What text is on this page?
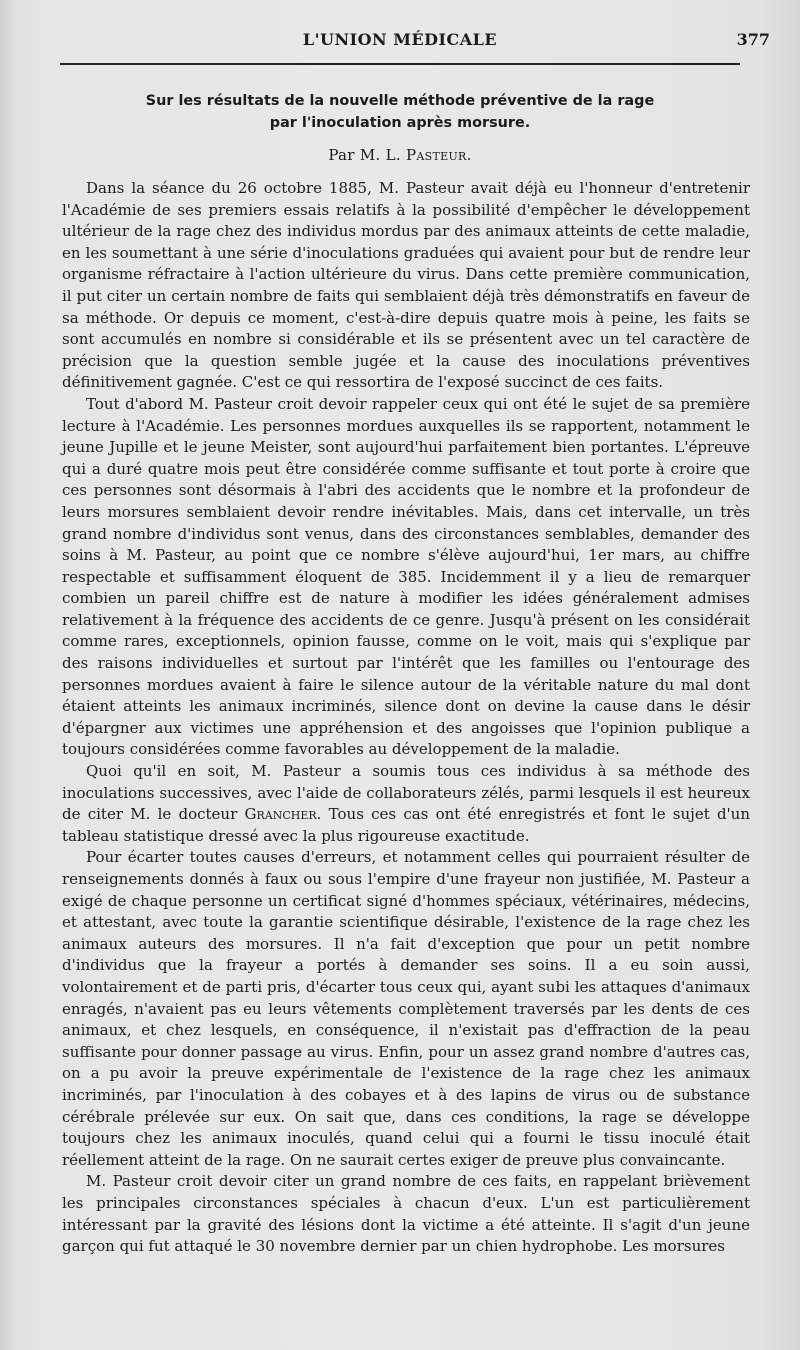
L'UNION MÉDICALE	377
Sur les résultats de la nouvelle méthode préventive de la rage
par l'inoculation après morsure.
Par M. L. Pasteur.

Dans la séance du 26 octobre 1885, M. Pasteur avait déjà eu l'honneur d'entretenir l'Académie de ses premiers essais relatifs à la possibilité d'empêcher le développement ultérieur de la rage chez des individus mordus par des animaux atteints de cette maladie, en les soumettant à une série d'inoculations graduées qui avaient pour but de rendre leur organisme réfractaire à l'action ultérieure du virus. Dans cette première communication, il put citer un certain nombre de faits qui semblaient déjà très démonstratifs en faveur de sa méthode. Or depuis ce moment, c'est-à-dire depuis quatre mois à peine, les faits se sont accumulés en nombre si considérable et ils se présentent avec un tel caractère de précision que la question semble jugée et la cause des inoculations préventives définitivement gagnée. C'est ce qui ressortira de l'exposé succinct de ces faits.

Tout d'abord M. Pasteur croit devoir rappeler ceux qui ont été le sujet de sa première lecture à l'Académie. Les personnes mordues auxquelles ils se rapportent, notamment le jeune Jupille et le jeune Meister, sont aujourd'hui parfaitement bien portantes. L'épreuve qui a duré quatre mois peut être considérée comme suffisante et tout porte à croire que ces personnes sont désormais à l'abri des accidents que le nombre et la profondeur de leurs morsures semblaient devoir rendre inévitables. Mais, dans cet intervalle, un très grand nombre d'individus sont venus, dans des circonstances semblables, demander des soins à M. Pasteur, au point que ce nombre s'élève aujourd'hui, 1er mars, au chiffre respectable et suffisamment éloquent de 385. Incidemment il y a lieu de remarquer combien un pareil chiffre est de nature à modifier les idées généralement admises relativement à la fréquence des accidents de ce genre. Jusqu'à présent on les considérait comme rares, exceptionnels, opinion fausse, comme on le voit, mais qui s'explique par des raisons individuelles et surtout par l'intérêt que les familles ou l'entourage des personnes mordues avaient à faire le silence autour de la véritable nature du mal dont étaient atteints les animaux incriminés, silence dont on devine la cause dans le désir d'épargner aux victimes une appréhension et des angoisses que l'opinion publique a toujours considérées comme favorables au développement de la maladie.

Quoi qu'il en soit, M. Pasteur a soumis tous ces individus à sa méthode des inoculations successives, avec l'aide de collaborateurs zélés, parmi lesquels il est heureux de citer M. le docteur Grancher. Tous ces cas ont été enregistrés et font le sujet d'un tableau statistique dressé avec la plus rigoureuse exactitude.

Pour écarter toutes causes d'erreurs, et notamment celles qui pourraient résulter de renseignements donnés à faux ou sous l'empire d'une frayeur non justifiée, M. Pasteur a exigé de chaque personne un certificat signé d'hommes spéciaux, vétérinaires, médecins, et attestant, avec toute la garantie scientifique désirable, l'existence de la rage chez les animaux auteurs des morsures. Il n'a fait d'exception que pour un petit nombre d'individus que la frayeur a portés à demander ses soins. Il a eu soin aussi, volontairement et de parti pris, d'écarter tous ceux qui, ayant subi les attaques d'animaux enragés, n'avaient pas eu leurs vêtements complètement traversés par les dents de ces animaux, et chez lesquels, en conséquence, il n'existait pas d'effraction de la peau suffisante pour donner passage au virus. Enfin, pour un assez grand nombre d'autres cas, on a pu avoir la preuve expérimentale de l'existence de la rage chez les animaux incriminés, par l'inoculation à des cobayes et à des lapins de virus ou de substance cérébrale prélevée sur eux. On sait que, dans ces conditions, la rage se développe toujours chez les animaux inoculés, quand celui qui a fourni le tissu inoculé était réellement atteint de la rage. On ne saurait certes exiger de preuve plus convaincante.

M. Pasteur croit devoir citer un grand nombre de ces faits, en rappelant brièvement les principales circonstances spéciales à chacun d'eux. L'un est particulièrement intéressant par la gravité des lésions dont la victime a été atteinte. Il s'agit d'un jeune garçon qui fut attaqué le 30 novembre dernier par un chien hydrophobe. Les morsures
